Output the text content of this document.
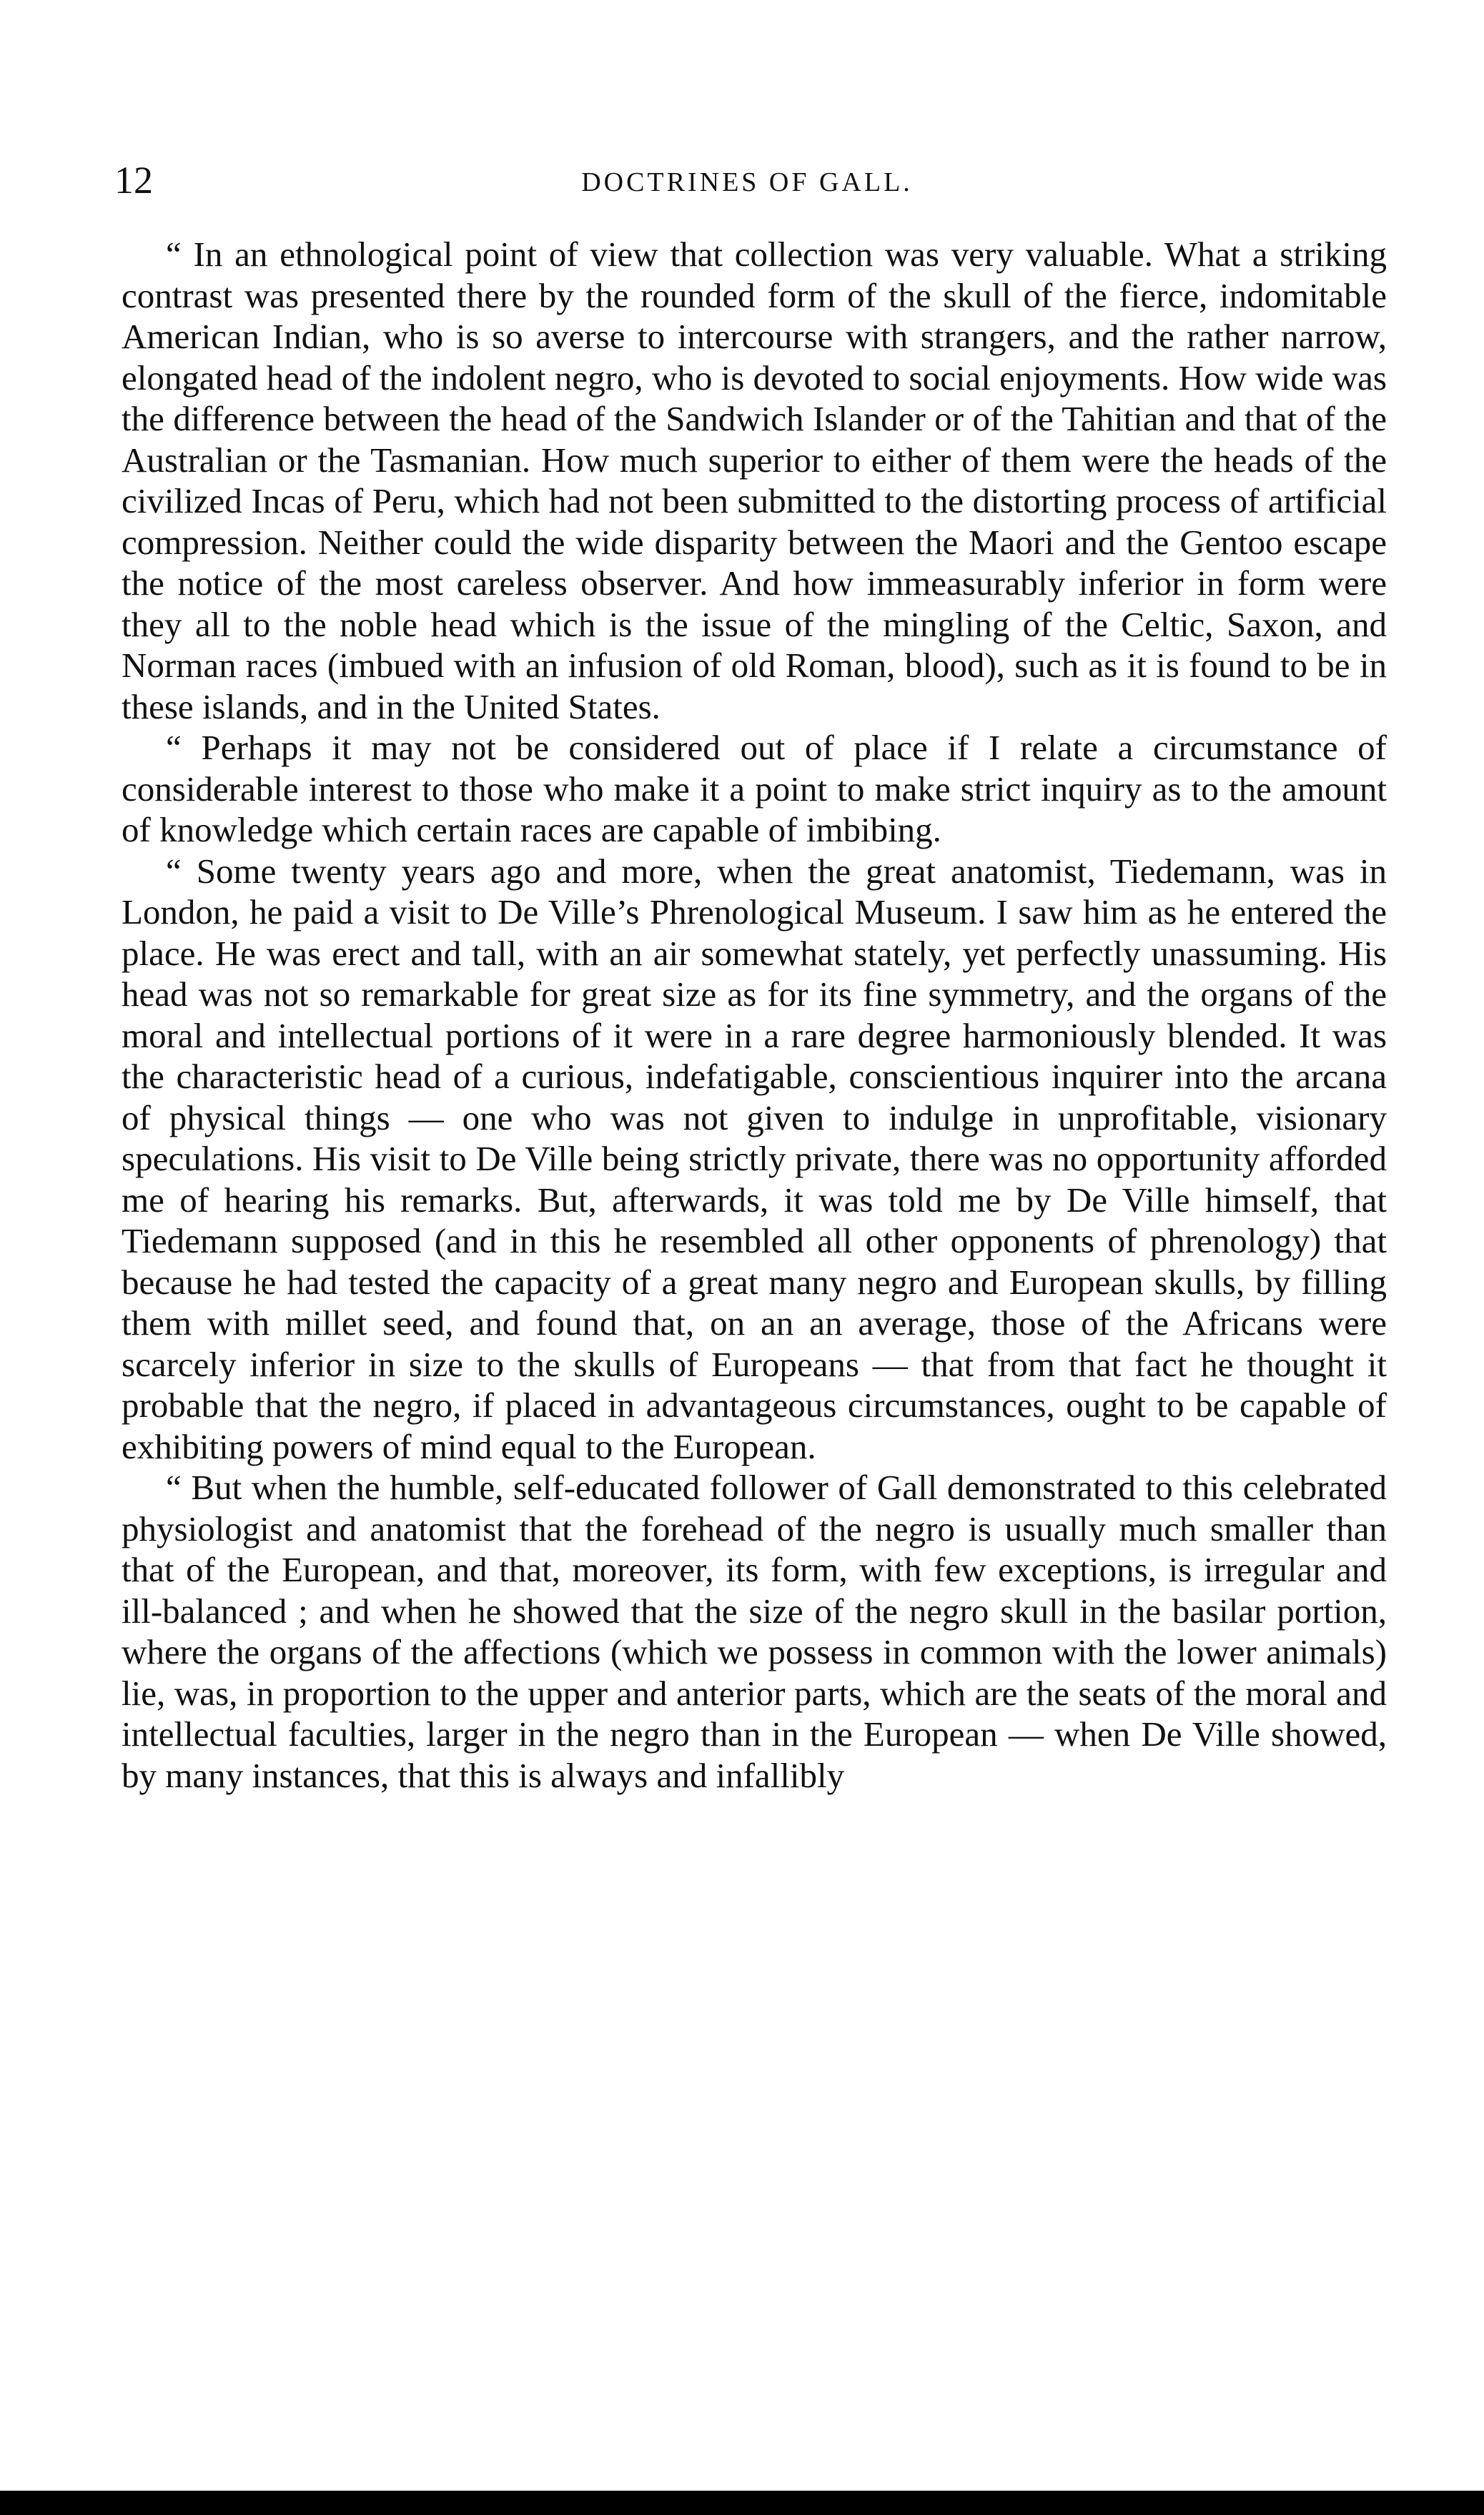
12	DOCTRINES OF GALL.

“ In an ethnological point of view that collection was very valuable. What a striking contrast was presented there by the rounded form of the skull of the fierce, indomitable American Indian, who is so averse to intercourse with strangers, and the rather narrow, elongated head of the indolent negro, who is devoted to social enjoyments. How wide was the difference between the head of the Sandwich Islander or of the Tahitian and that of the Australian or the Tasmanian. How much superior to either of them were the heads of the civilized Incas of Peru, which had not been submitted to the distorting process of artificial compression. Neither could the wide disparity between the Maori and the Gentoo escape the notice of the most careless observer. And how immeasurably inferior in form were they all to the noble head which is the issue of the mingling of the Celtic, Saxon, and Norman races (imbued with an infusion of old Roman, blood), such as it is found to be in these islands, and in the United States.

“ Perhaps it may not be considered out of place if I relate a circumstance of considerable interest to those who make it a point to make strict inquiry as to the amount of knowledge which certain races are capable of imbibing.

“ Some twenty years ago and more, when the great anatomist, Tiedemann, was in London, he paid a visit to De Ville’s Phrenological Museum. I saw him as he entered the place. He was erect and tall, with an air somewhat stately, yet perfectly unassuming. His head was not so remarkable for great size as for its fine symmetry, and the organs of the moral and intellectual portions of it were in a rare degree harmoniously blended. It was the characteristic head of a curious, indefatigable, conscientious inquirer into the arcana of physical things — one who was not given to indulge in unprofitable, visionary speculations. His visit to De Ville being strictly private, there was no opportunity afforded me of hearing his remarks. But, afterwards, it was told me by De Ville himself, that Tiedemann supposed (and in this he resembled all other opponents of phrenology) that because he had tested the capacity of a great many negro and European skulls, by filling them with millet seed, and found that, on an an average, those of the Africans were scarcely inferior in size to the skulls of Europeans — that from that fact he thought it probable that the negro, if placed in advantageous circumstances, ought to be capable of exhibiting powers of mind equal to the European.

“ But when the humble, self-educated follower of Gall demonstrated to this celebrated physiologist and anatomist that the forehead of the negro is usually much smaller than that of the European, and that, moreover, its form, with few exceptions, is irregular and ill-balanced ; and when he showed that the size of the negro skull in the basilar portion, where the organs of the affections (which we possess in common with the lower animals) lie, was, in proportion to the upper and anterior parts, which are the seats of the moral and intellectual faculties, larger in the negro than in the European — when De Ville showed, by many instances, that this is always and infallibly
